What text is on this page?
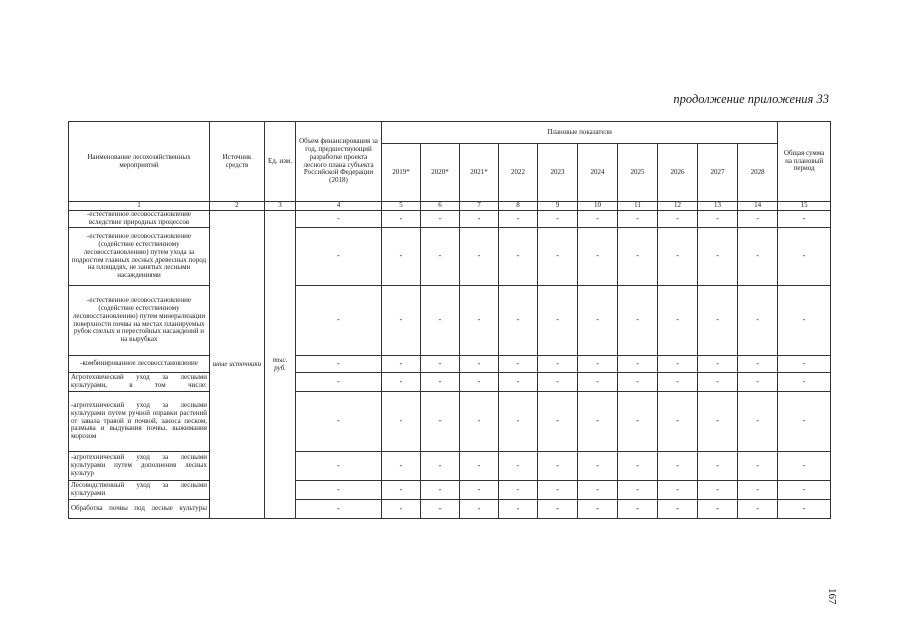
продолжение приложения 33
Наименование лесохозяйственных мероприятий	Источник средств	Ед. изм.	Объем финансирования за год, предшествующий разработке проекта лесного плана субъекта Российской Федерации (2018)	Плановые показатели										Общая сумма на плановый период
				2019*	2020*	2021*	2022	2023	2024	2025	2026	2027	2028	
1	2	3	4	5	6	7	8	9	10	11	12	13	14	15
-естественное лесовосстановление вследствие природных процессов	иные источники	тыс. руб.	-	-	-	-	-	-	-	-	-	-	-	-
-естественное лесовосстановление (содействие естественному лесовосстановлению) путем ухода за подростом главных лесных древесных пород на площадях, не занятых лесными насаждениями			-	-	-	-	-	-	-	-	-	-	-	-
-естественное лесовосстановление (содействие естественному лесовосстановлению) путем минерализации поверхности почвы на местах планируемых рубок спелых и перестойных насаждений и на вырубках			-	-	-	-	-	-	-	-	-	-	-	-
-комбинированное лесовосстановление			-	-	-	-	-	-	-	-	-	-	-	-
Агротехнический уход за лесными культурами, в том числе:			-	-	-	-	-	-	-	-	-	-	-	-
-агротехнический уход за лесными культурами путем ручной оправки растений от завала травой и почвой, заноса песком, размыва и выдувания почвы, выжимания морозом			-	-	-	-	-	-	-	-	-	-	-	-
-агротехнический уход за лесными культурами путем дополнения лесных культур			-	-	-	-	-	-	-	-	-	-	-	-
Лесоводственный уход за лесными культурами			-	-	-	-	-	-	-	-	-	-	-	-
Обработка почвы под лесные культуры			-	-	-	-	-	-	-	-	-	-	-	-
167
